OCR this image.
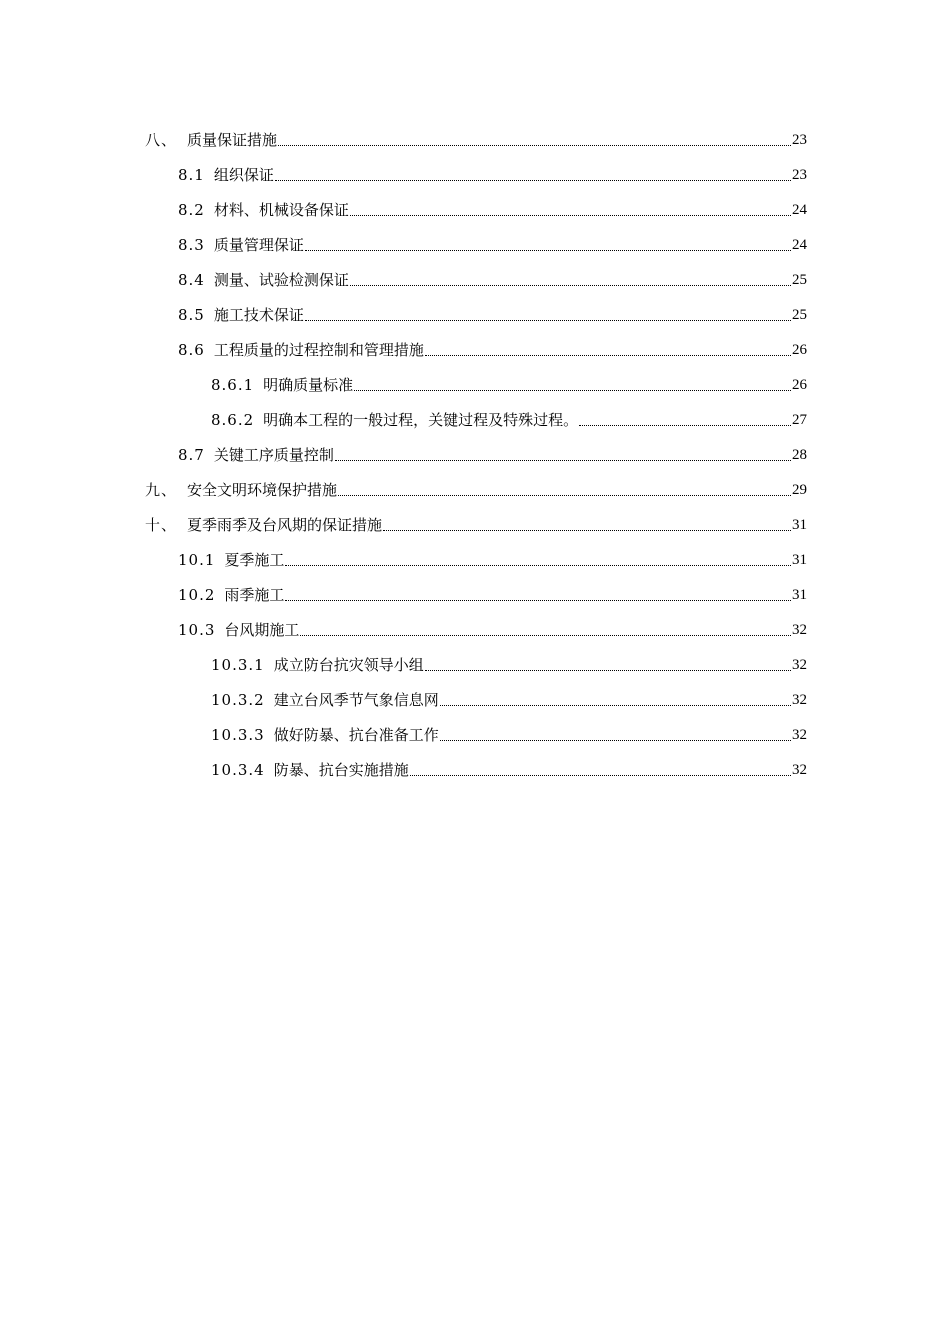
八、 质量保证措施	23
8.1 组织保证	23
8.2 材料、机械设备保证	24
8.3 质量管理保证	24
8.4 测量、试验检测保证	25
8.5 施工技术保证	25
8.6 工程质量的过程控制和管理措施	26
8.6.1 明确质量标准	26
8.6.2 明确本工程的一般过程，关键过程及特殊过程。	27
8.7 关键工序质量控制	28
九、 安全文明环境保护措施	29
十、 夏季雨季及台风期的保证措施	31
10.1 夏季施工	31
10.2 雨季施工	31
10.3 台风期施工	32
10.3.1 成立防台抗灾领导小组	32
10.3.2 建立台风季节气象信息网	32
10.3.3 做好防暴、抗台准备工作	32
10.3.4 防暴、抗台实施措施	32
